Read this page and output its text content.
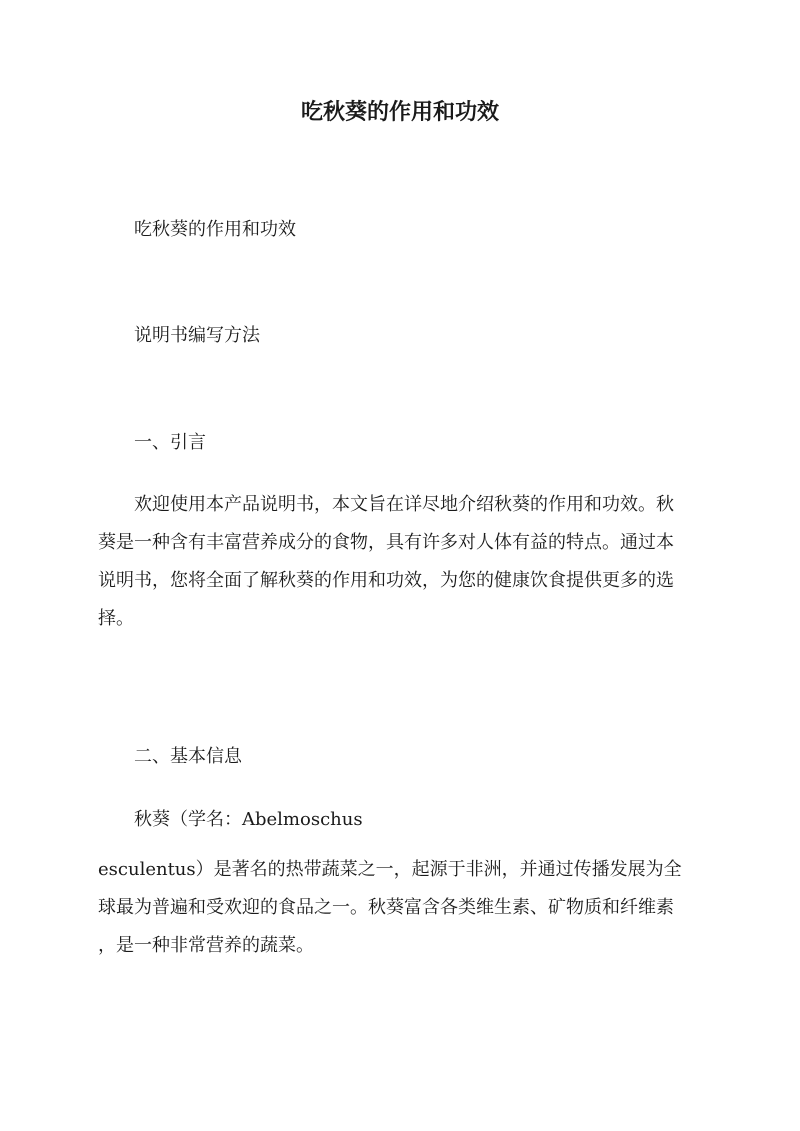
吃秋葵的作用和功效

吃秋葵的作用和功效

说明书编写方法

一、引言

欢迎使用本产品说明书，本文旨在详尽地介绍秋葵的作用和功效。秋
葵是一种含有丰富营养成分的食物，具有许多对人体有益的特点。通过本
说明书，您将全面了解秋葵的作用和功效，为您的健康饮食提供更多的选
择。

二、基本信息

秋葵（学名：Abelmoschus
esculentus）是著名的热带蔬菜之一，起源于非洲，并通过传播发展为全
球最为普遍和受欢迎的食品之一。秋葵富含各类维生素、矿物质和纤维素
，是一种非常营养的蔬菜。
